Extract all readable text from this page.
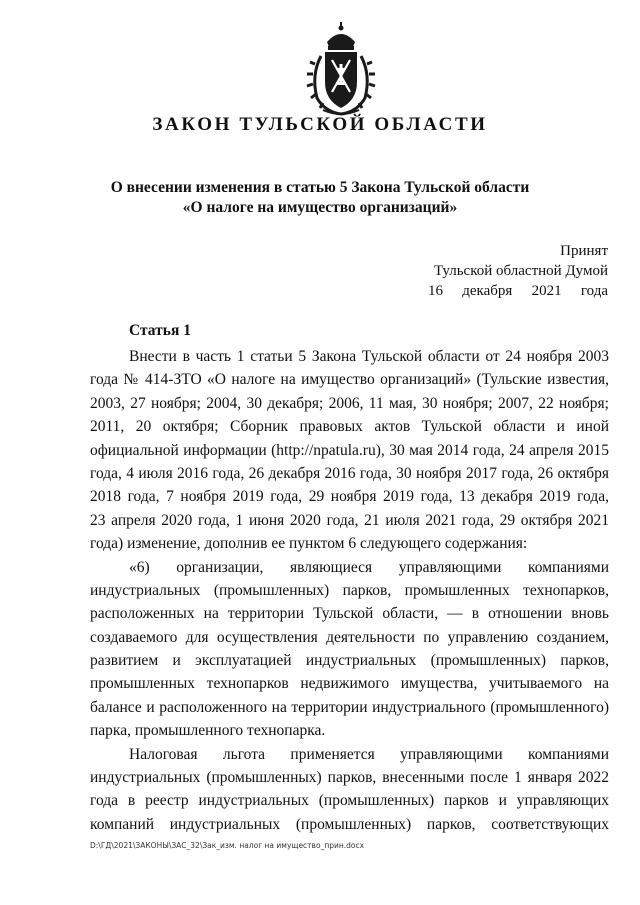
ЗАКОН ТУЛЬСКОЙ ОБЛАСТИ
О внесении изменения в статью 5 Закона Тульской области
«О налоге на имущество организаций»
Принят
Тульской областной Думой
16 декабря 2021 года
Статья 1
Внести в часть 1 статьи 5 Закона Тульской области от 24 ноября 2003
года № 414-ЗТО «О налоге на имущество организаций» (Тульские известия,
2003, 27 ноября; 2004, 30 декабря; 2006, 11 мая, 30 ноября; 2007, 22 ноября;
2011, 20 октября; Сборник правовых актов Тульской области и иной
официальной информации (http://npatula.ru), 30 мая 2014 года, 24 апреля 2015
года, 4 июля 2016 года, 26 декабря 2016 года, 30 ноября 2017 года, 26 октября
2018 года, 7 ноября 2019 года, 29 ноября 2019 года, 13 декабря 2019 года,
23 апреля 2020 года, 1 июня 2020 года, 21 июля 2021 года, 29 октября 2021
года) изменение, дополнив ее пунктом 6 следующего содержания:
«6) организации, являющиеся управляющими компаниями
индустриальных (промышленных) парков, промышленных технопарков,
расположенных на территории Тульской области, — в отношении вновь
создаваемого для осуществления деятельности по управлению созданием,
развитием и эксплуатацией индустриальных (промышленных) парков,
промышленных технопарков недвижимого имущества, учитываемого на
балансе и расположенного на территории индустриального (промышленного)
парка, промышленного технопарка.
Налоговая льгота применяется управляющими компаниями
индустриальных (промышленных) парков, внесенными после 1 января 2022
года в реестр индустриальных (промышленных) парков и управляющих
компаний индустриальных (промышленных) парков, соответствующих
D:\ГД\2021\ЗАКОНЫ\ЗАС_32\Зак_изм. налог на имущество_прин.docx
